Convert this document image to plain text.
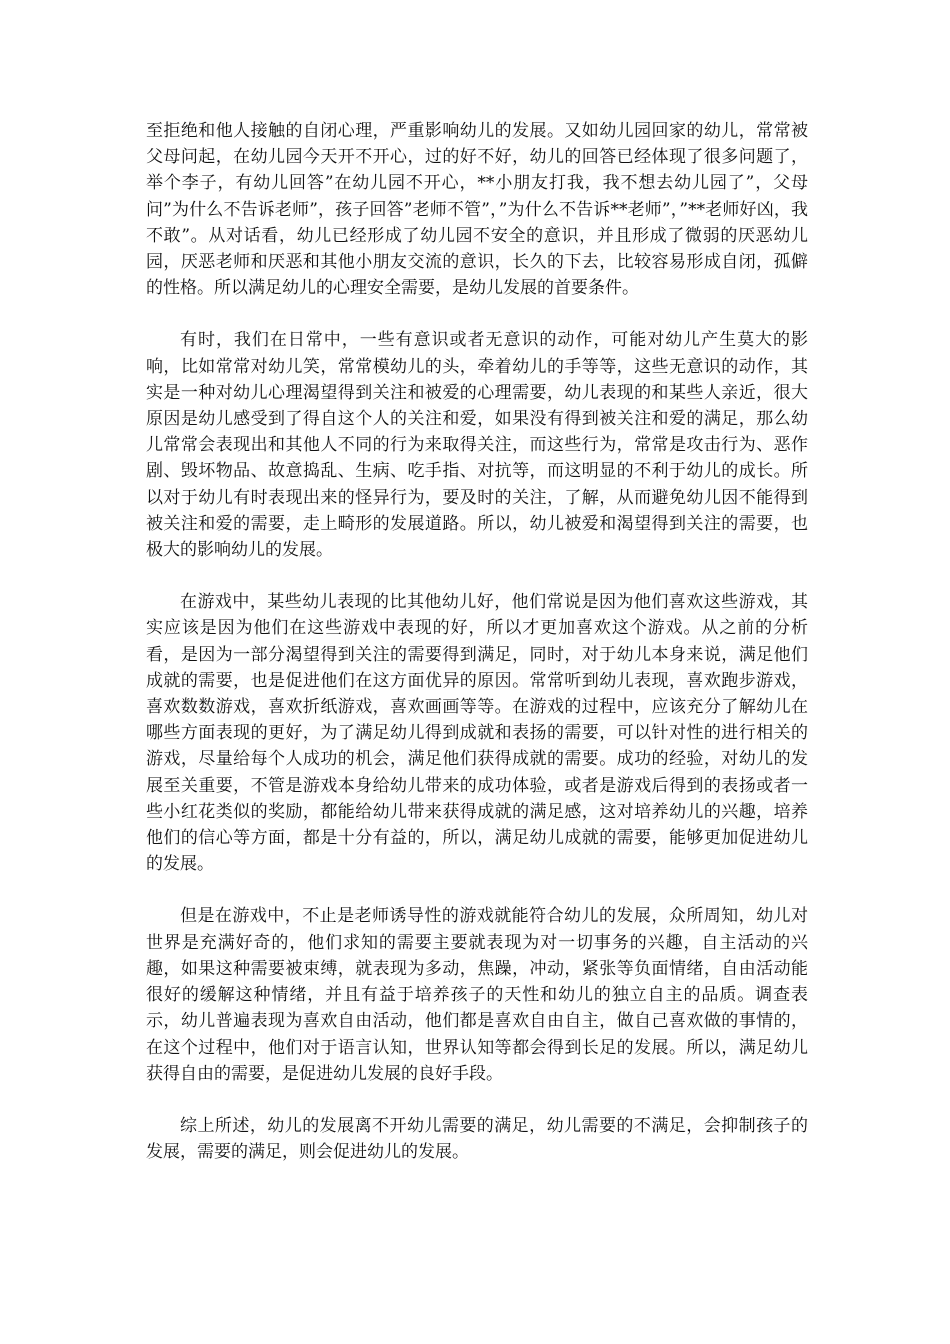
至拒绝和他人接触的自闭心理，严重影响幼儿的发展。又如幼儿园回家的幼儿，常常被父母问起，在幼儿园今天开不开心，过的好不好，幼儿的回答已经体现了很多问题了，举个李子，有幼儿回答”在幼儿园不开心，**小朋友打我，我不想去幼儿园了”，父母问”为什么不告诉老师”，孩子回答”老师不管”，”为什么不告诉**老师”，”**老师好凶，我不敢”。从对话看，幼儿已经形成了幼儿园不安全的意识，并且形成了微弱的厌恶幼儿园，厌恶老师和厌恶和其他小朋友交流的意识，长久的下去，比较容易形成自闭，孤僻的性格。所以满足幼儿的心理安全需要，是幼儿发展的首要条件。

有时，我们在日常中，一些有意识或者无意识的动作，可能对幼儿产生莫大的影响，比如常常对幼儿笑，常常模幼儿的头，牵着幼儿的手等等，这些无意识的动作，其实是一种对幼儿心理渴望得到关注和被爱的心理需要，幼儿表现的和某些人亲近，很大原因是幼儿感受到了得自这个人的关注和爱，如果没有得到被关注和爱的满足，那么幼儿常常会表现出和其他人不同的行为来取得关注，而这些行为，常常是攻击行为、恶作剧、毁坏物品、故意捣乱、生病、吃手指、对抗等，而这明显的不利于幼儿的成长。所以对于幼儿有时表现出来的怪异行为，要及时的关注，了解，从而避免幼儿因不能得到被关注和爱的需要，走上畸形的发展道路。所以，幼儿被爱和渴望得到关注的需要，也极大的影响幼儿的发展。

在游戏中，某些幼儿表现的比其他幼儿好，他们常说是因为他们喜欢这些游戏，其实应该是因为他们在这些游戏中表现的好，所以才更加喜欢这个游戏。从之前的分析看，是因为一部分渴望得到关注的需要得到满足，同时，对于幼儿本身来说，满足他们成就的需要，也是促进他们在这方面优异的原因。常常听到幼儿表现，喜欢跑步游戏，喜欢数数游戏，喜欢折纸游戏，喜欢画画等等。在游戏的过程中，应该充分了解幼儿在哪些方面表现的更好，为了满足幼儿得到成就和表扬的需要，可以针对性的进行相关的游戏，尽量给每个人成功的机会，满足他们获得成就的需要。成功的经验，对幼儿的发展至关重要，不管是游戏本身给幼儿带来的成功体验，或者是游戏后得到的表扬或者一些小红花类似的奖励，都能给幼儿带来获得成就的满足感，这对培养幼儿的兴趣，培养他们的信心等方面，都是十分有益的，所以，满足幼儿成就的需要，能够更加促进幼儿的发展。

但是在游戏中，不止是老师诱导性的游戏就能符合幼儿的发展，众所周知，幼儿对世界是充满好奇的，他们求知的需要主要就表现为对一切事务的兴趣，自主活动的兴趣，如果这种需要被束缚，就表现为多动，焦躁，冲动，紧张等负面情绪，自由活动能很好的缓解这种情绪，并且有益于培养孩子的天性和幼儿的独立自主的品质。调查表示，幼儿普遍表现为喜欢自由活动，他们都是喜欢自由自主，做自己喜欢做的事情的，在这个过程中，他们对于语言认知，世界认知等都会得到长足的发展。所以，满足幼儿获得自由的需要，是促进幼儿发展的良好手段。

综上所述，幼儿的发展离不开幼儿需要的满足，幼儿需要的不满足，会抑制孩子的发展，需要的满足，则会促进幼儿的发展。
